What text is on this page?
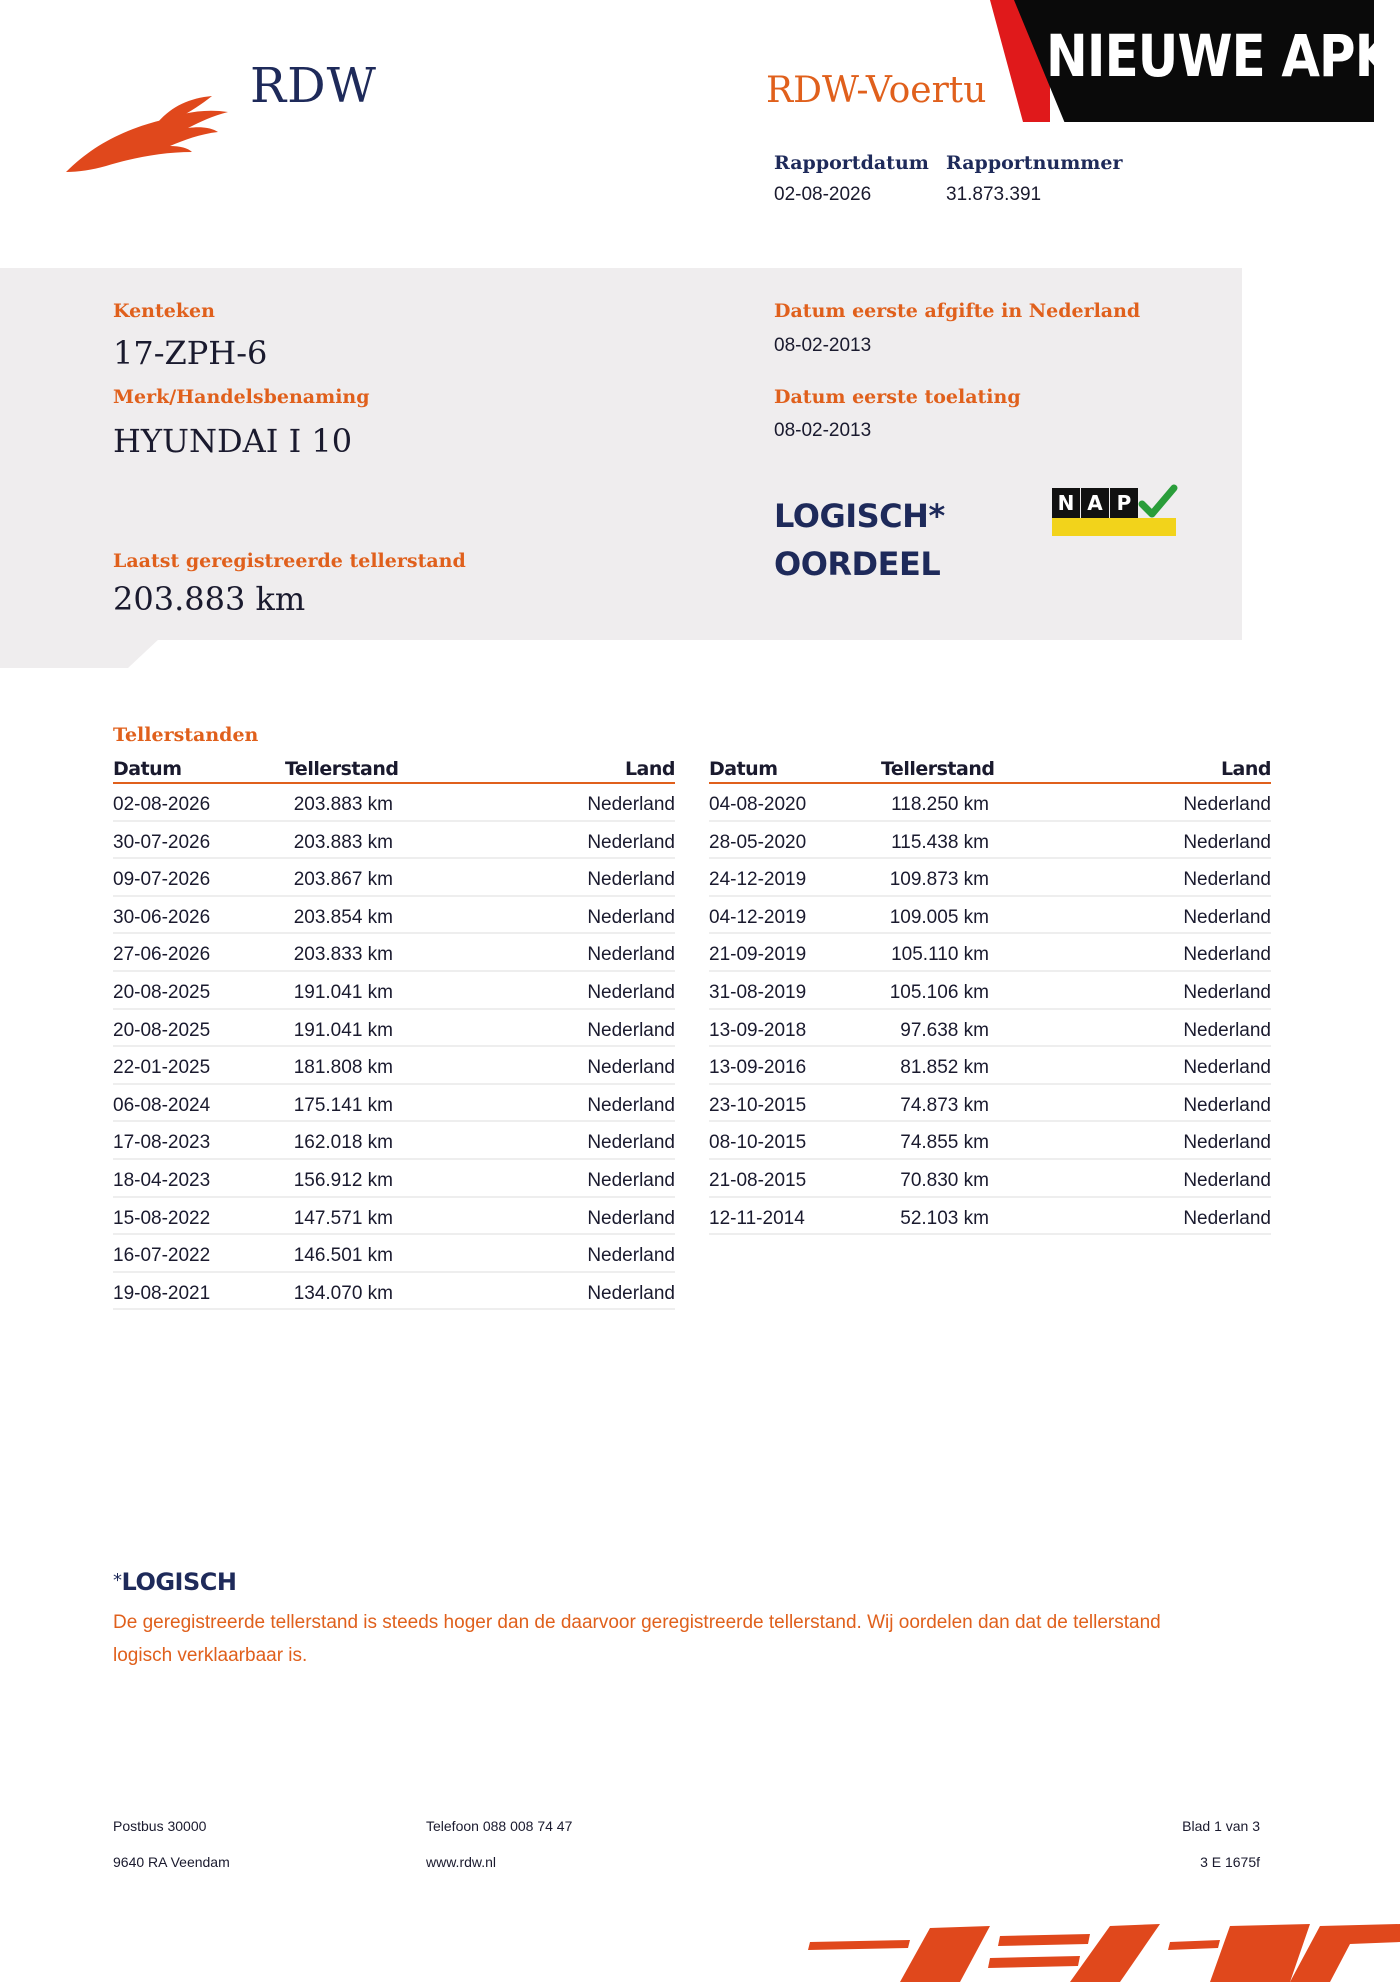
RDW	RDW-Voertu
NIEUWE APK
Rapportdatum
02-08-2026
Rapportnummer
31.873.391
Kenteken
17-ZPH-6
Merk/Handelsbenaming
HYUNDAI I 10
Laatst geregistreerde tellerstand
203.883 km
Datum eerste afgifte in Nederland
08-02-2013
Datum eerste toelating
08-02-2013
LOGISCH*
OORDEEL
N A P
Tellerstanden
Datum	Tellerstand	Land
02-08-2026	203.883 km	Nederland
30-07-2026	203.883 km	Nederland
09-07-2026	203.867 km	Nederland
30-06-2026	203.854 km	Nederland
27-06-2026	203.833 km	Nederland
20-08-2025	191.041 km	Nederland
20-08-2025	191.041 km	Nederland
22-01-2025	181.808 km	Nederland
06-08-2024	175.141 km	Nederland
17-08-2023	162.018 km	Nederland
18-04-2023	156.912 km	Nederland
15-08-2022	147.571 km	Nederland
16-07-2022	146.501 km	Nederland
19-08-2021	134.070 km	Nederland
Datum	Tellerstand	Land
04-08-2020	118.250 km	Nederland
28-05-2020	115.438 km	Nederland
24-12-2019	109.873 km	Nederland
04-12-2019	109.005 km	Nederland
21-09-2019	105.110 km	Nederland
31-08-2019	105.106 km	Nederland
13-09-2018	97.638 km	Nederland
13-09-2016	81.852 km	Nederland
23-10-2015	74.873 km	Nederland
08-10-2015	74.855 km	Nederland
21-08-2015	70.830 km	Nederland
12-11-2014	52.103 km	Nederland
*LOGISCH
De geregistreerde tellerstand is steeds hoger dan de daarvoor geregistreerde tellerstand. Wij oordelen dan dat de tellerstand logisch verklaarbaar is.
Postbus 30000
9640 RA Veendam
Telefoon 088 008 74 47
www.rdw.nl
Blad 1 van 3
3 E 1675f
